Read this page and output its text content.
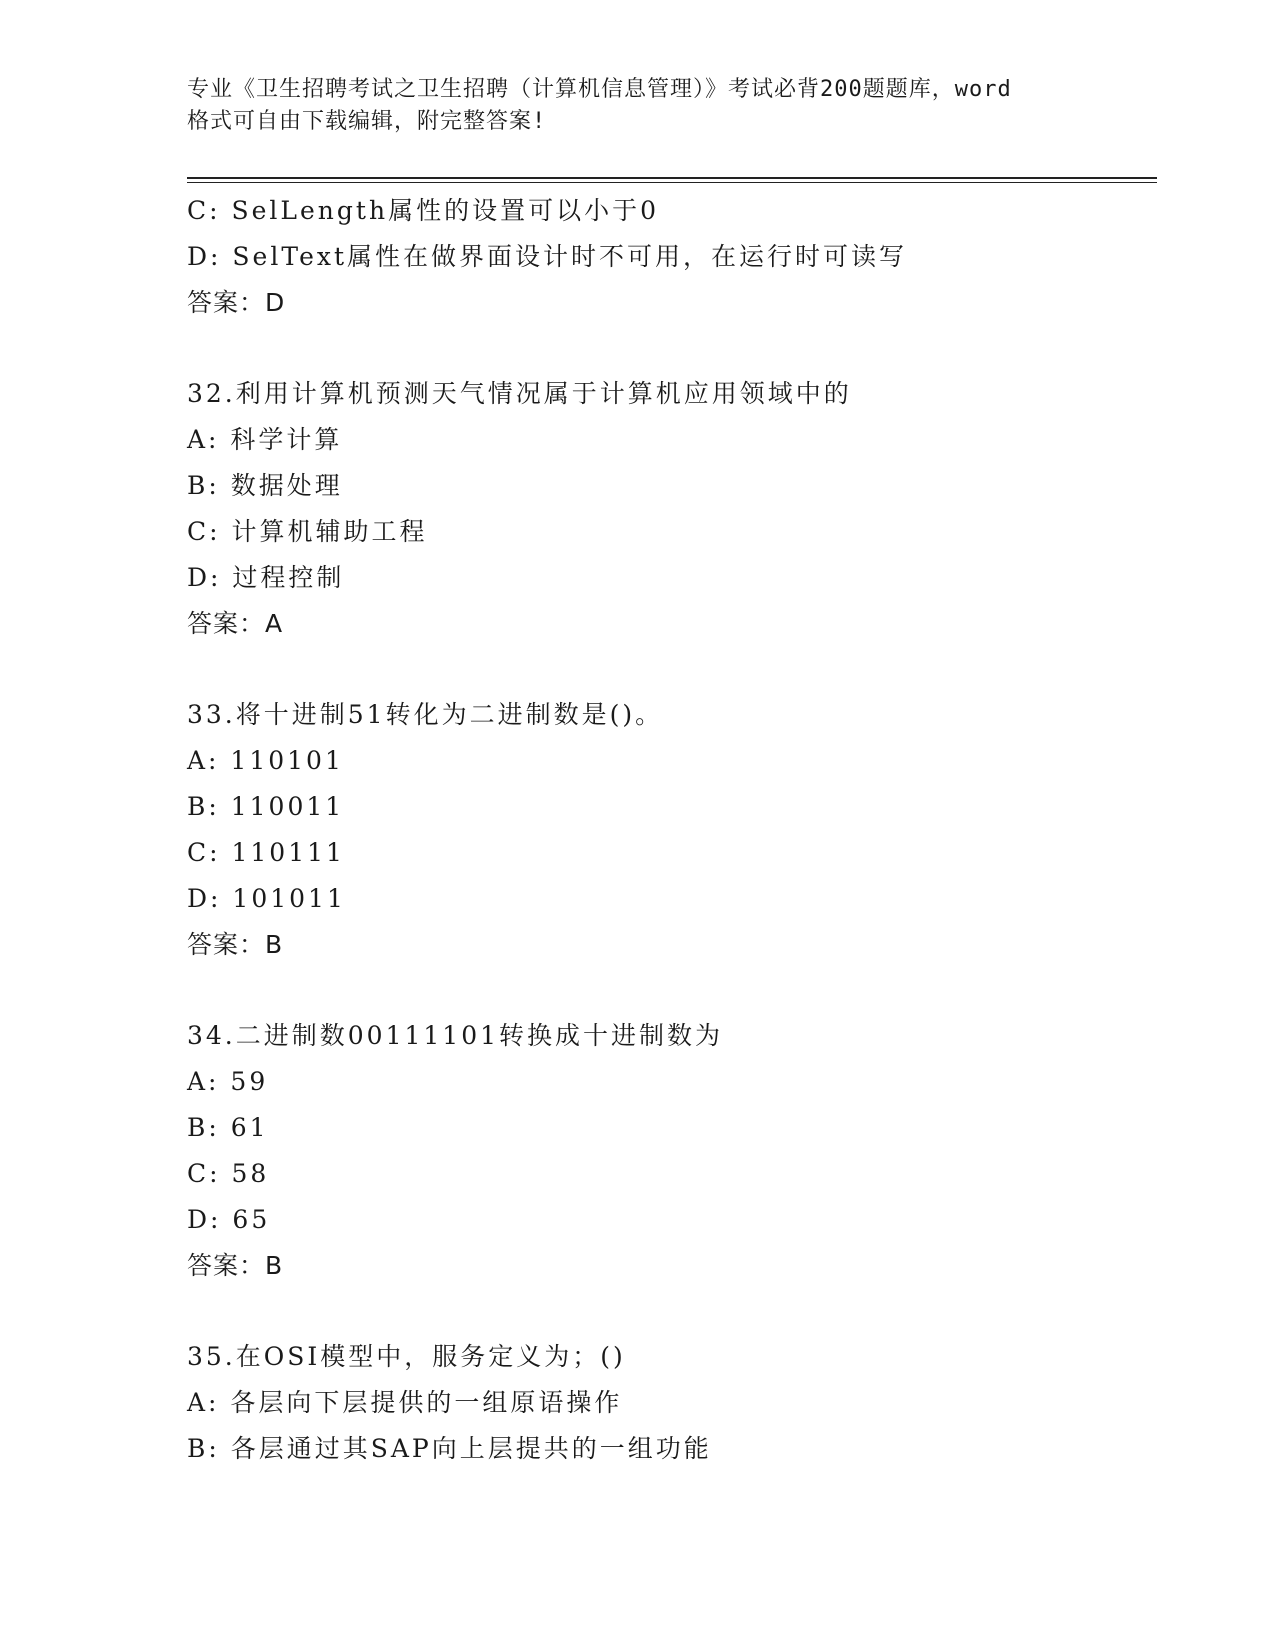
专业《卫生招聘考试之卫生招聘（计算机信息管理）》考试必背200题题库，word

格式可自由下载编辑，附完整答案!

C: SelLength属性的设置可以小于0
D: SelText属性在做界面设计时不可用，在运行时可读写
答案：D
32.利用计算机预测天气情况属于计算机应用领域中的
A: 科学计算
B: 数据处理
C: 计算机辅助工程
D: 过程控制
答案：A
33.将十进制51转化为二进制数是()。
A: 110101
B: 110011
C: 110111
D: 101011
答案：B
34.二进制数00111101转换成十进制数为
A: 59
B: 61
C: 58
D: 65
答案：B
35.在OSI模型中，服务定义为；()
A: 各层向下层提供的一组原语操作
B: 各层通过其SAP向上层提共的一组功能
